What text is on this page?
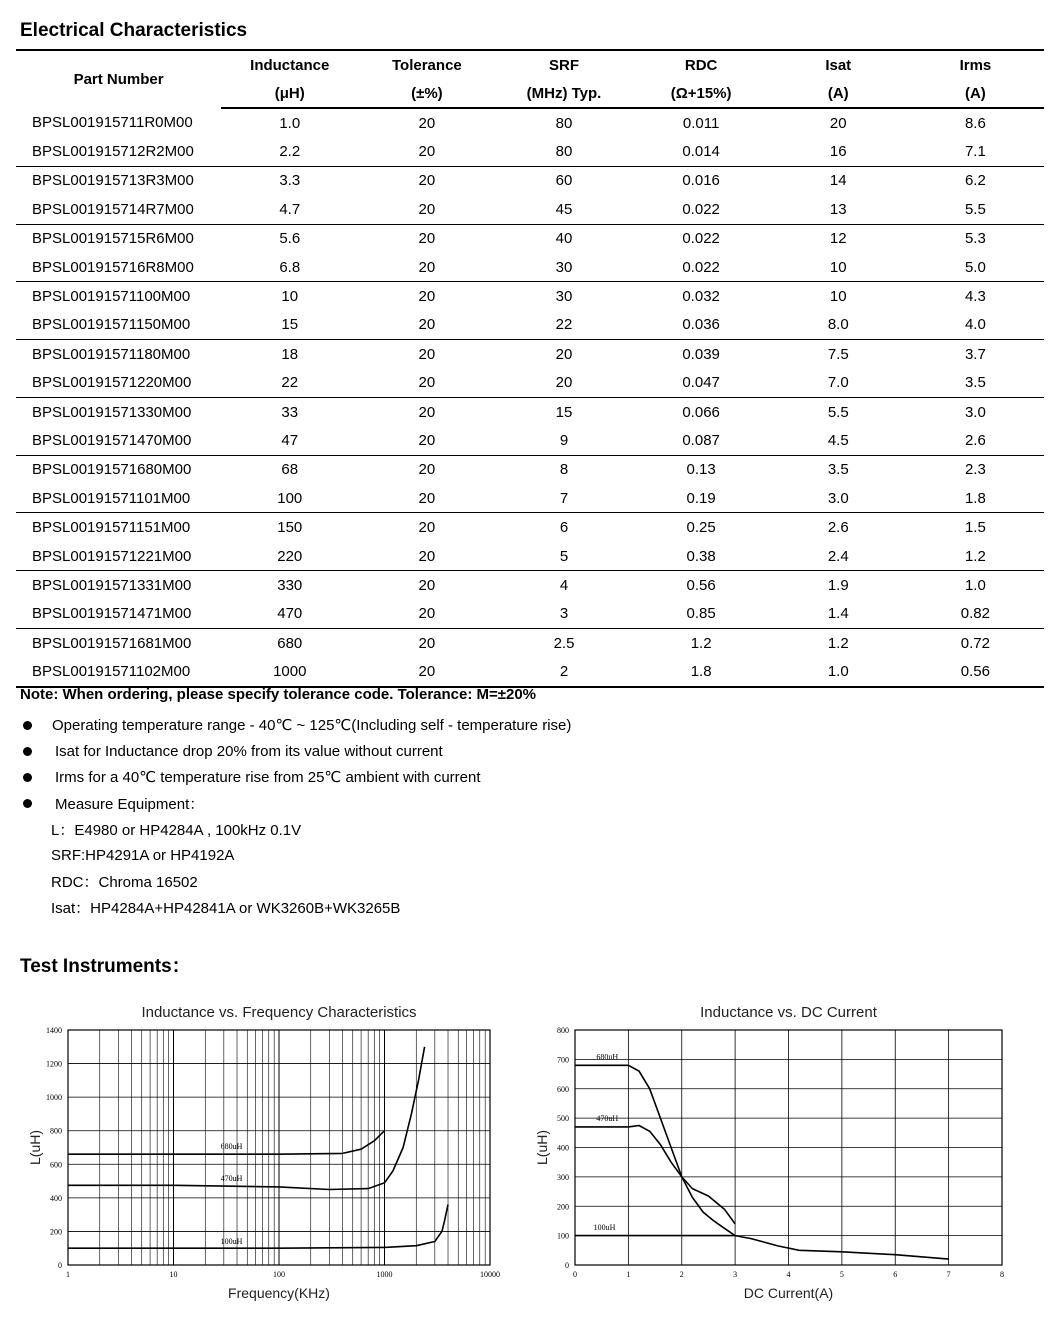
Electrical Characteristics
Part Number	Inductance	Tolerance	SRF	RDC	Isat	Irms
	(μH)	(±%)	(MHz) Typ.	(Ω+15%)	(A)	(A)
BPSL001915711R0M00	1.0	20	80	0.011	20	8.6
BPSL001915712R2M00	2.2	20	80	0.014	16	7.1
BPSL001915713R3M00	3.3	20	60	0.016	14	6.2
BPSL001915714R7M00	4.7	20	45	0.022	13	5.5
BPSL001915715R6M00	5.6	20	40	0.022	12	5.3
BPSL001915716R8M00	6.8	20	30	0.022	10	5.0
BPSL00191571100M00	10	20	30	0.032	10	4.3
BPSL00191571150M00	15	20	22	0.036	8.0	4.0
BPSL00191571180M00	18	20	20	0.039	7.5	3.7
BPSL00191571220M00	22	20	20	0.047	7.0	3.5
BPSL00191571330M00	33	20	15	0.066	5.5	3.0
BPSL00191571470M00	47	20	9	0.087	4.5	2.6
BPSL00191571680M00	68	20	8	0.13	3.5	2.3
BPSL00191571101M00	100	20	7	0.19	3.0	1.8
BPSL00191571151M00	150	20	6	0.25	2.6	1.5
BPSL00191571221M00	220	20	5	0.38	2.4	1.2
BPSL00191571331M00	330	20	4	0.56	1.9	1.0
BPSL00191571471M00	470	20	3	0.85	1.4	0.82
BPSL00191571681M00	680	20	2.5	1.2	1.2	0.72
BPSL00191571102M00	1000	20	2	1.8	1.0	0.56
Note: When ordering, please specify tolerance code. Tolerance: M=±20%
Operating temperature range - 40℃ ~ 125℃(Including self - temperature rise)
Isat for Inductance drop 20% from its value without current
Irms for a 40℃ temperature rise from 25℃ ambient with current
Measure Equipment：
L：E4980 or HP4284A , 100kHz 0.1V
SRF:HP4291A or HP4192A
RDC：Chroma 16502
Isat：HP4284A+HP42841A or WK3260B+WK3265B
Test Instruments：
Inductance vs. Frequency Characteristics
1	10	100	1000	10000
0
200
400
600
800
1000
1200
1400
Frequency(KHz)
L(uH)	680uH
470uH
100uH
Inductance vs. DC Current
0	1	2	3	4	5	6	7	8
0
100
200
300
400
500
600
700
800
DC Current(A)
L(uH)
680uH
470uH
100uH
